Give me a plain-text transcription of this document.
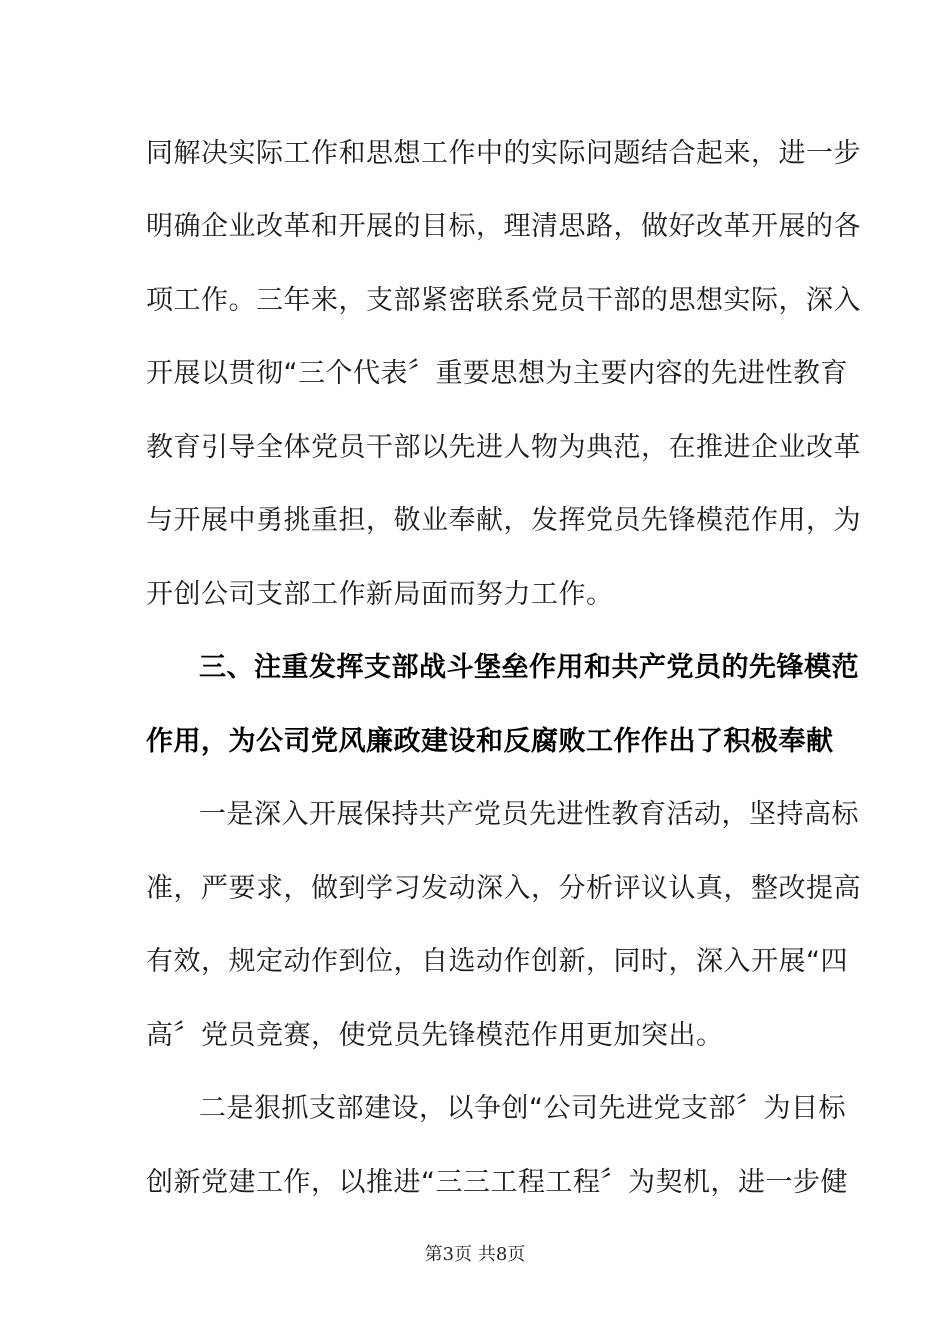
同解决实际工作和思想工作中的实际问题结合起来，进一步
明确企业改革和开展的目标，理清思路，做好改革开展的各
项工作。三年来，支部紧密联系党员干部的思想实际，深入
开展以贯彻“三个代表〞重要思想为主要内容的先进性教育
教育引导全体党员干部以先进人物为典范，在推进企业改革
与开展中勇挑重担，敬业奉献，发挥党员先锋模范作用，为
开创公司支部工作新局面而努力工作。
三、注重发挥支部战斗堡垒作用和共产党员的先锋模范
作用，为公司党风廉政建设和反腐败工作作出了积极奉献
一是深入开展保持共产党员先进性教育活动，坚持高标
准，严要求，做到学习发动深入，分析评议认真，整改提高
有效，规定动作到位，自选动作创新，同时，深入开展“四
高〞党员竞赛，使党员先锋模范作用更加突出。
二是狠抓支部建设，以争创“公司先进党支部〞为目标
创新党建工作，以推进“三三工程工程〞为契机，进一步健
第3页 共8页
